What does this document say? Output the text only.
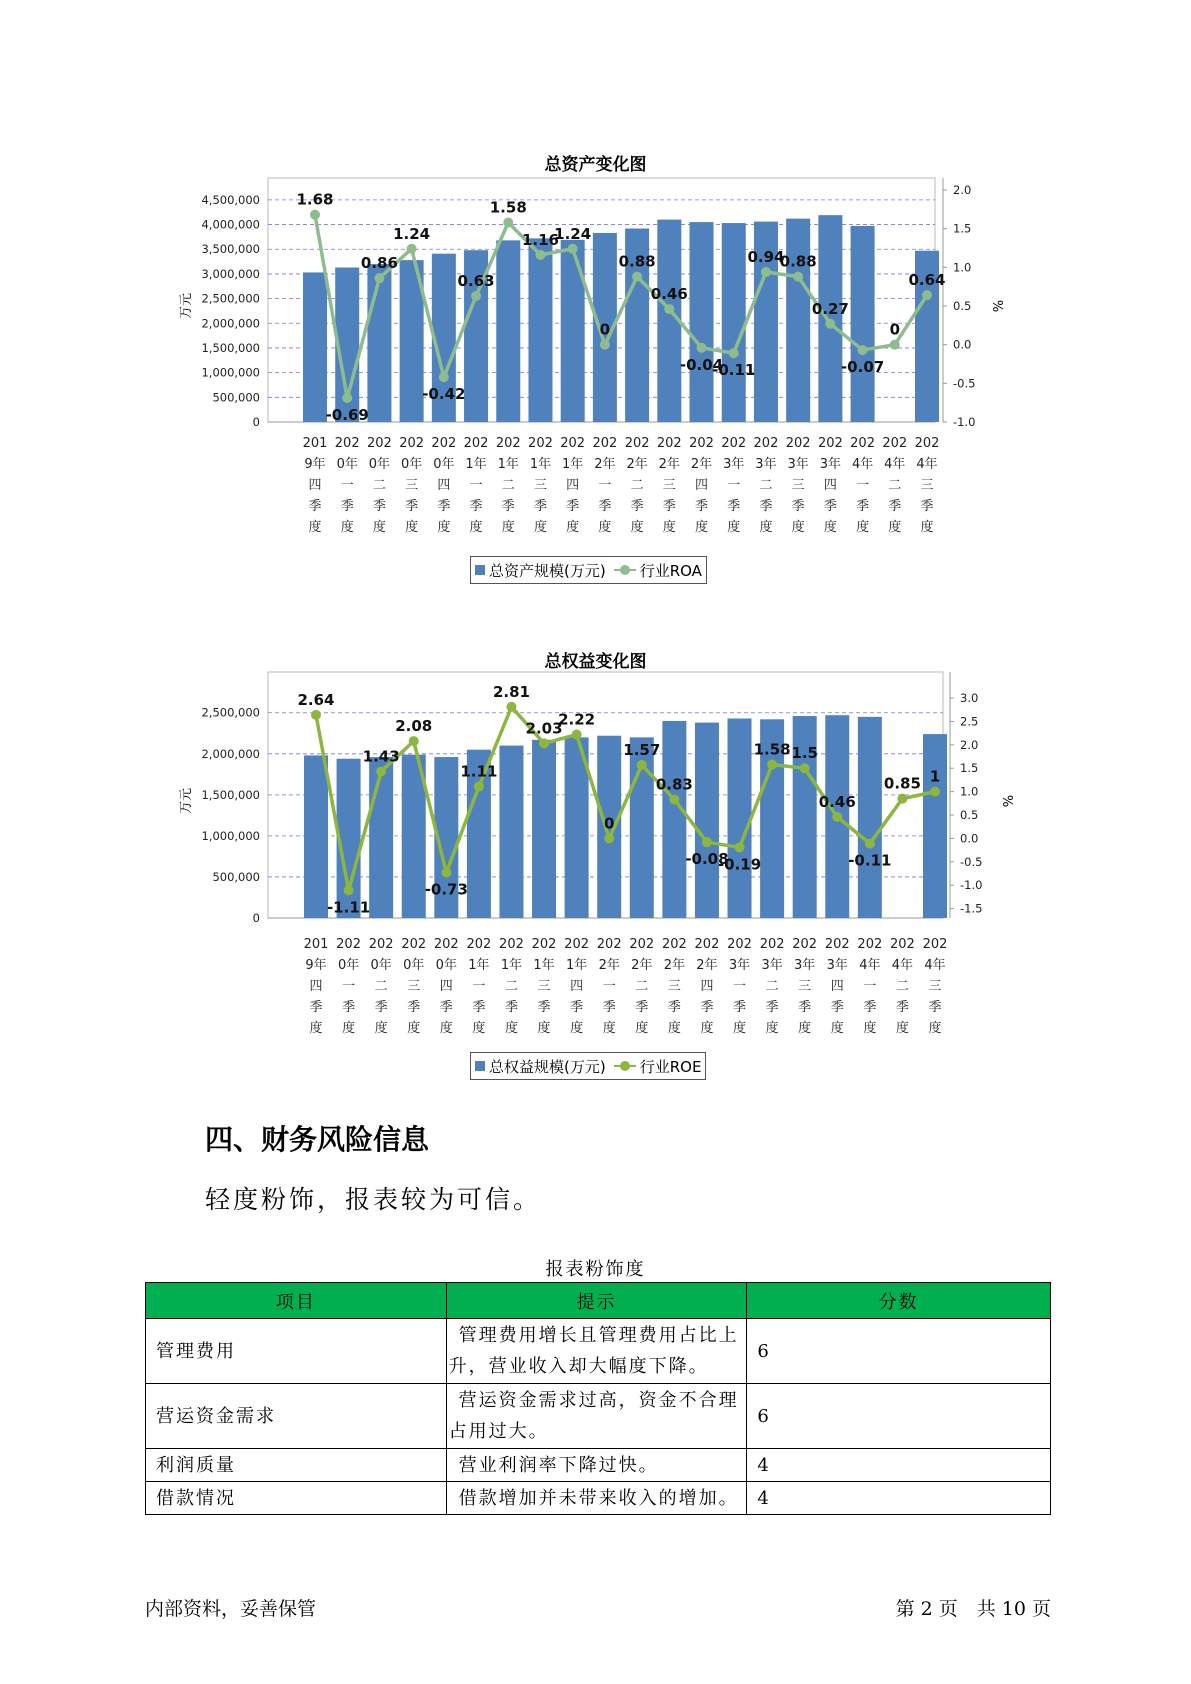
总资产变化图
0
500,000
1,000,000
1,500,000
2,000,000
2,500,000
3,000,000
3,500,000
4,000,000
4,500,000
-1.0
-0.5
0.0
0.5
1.0
1.5
2.0
万元	%
1.68
-0.69
0.86
1.24
-0.42
0.63
1.58
1.16
1.24
0
0.88
0.46
-0.04
-0.11
0.94
0.88
0.27
-0.07
0
0.64
201
9年
四
季
度
202
0年
一
季
度
202
0年
二
季
度
202
0年
三
季
度
202
0年
四
季
度
202
1年
一
季
度
202
1年
二
季
度
202
1年
三
季
度
202
1年
四
季
度
202
2年
一
季
度
202
2年
二
季
度
202
2年
三
季
度
202
2年
四
季
度
202
3年
一
季
度
202
3年
二
季
度
202
3年
三
季
度
202
3年
四
季
度
202
4年
一
季
度
202
4年
二
季
度
202
4年
三
季
度
总资产规模(万元) 行业ROA
总权益变化图
0
500,000
1,000,000
1,500,000
2,000,000
2,500,000
-1.5
-1.0
-0.5
0.0
0.5
1.0
1.5
2.0
2.5
3.0
万元	%
2.64
-1.11
1.43
2.08
-0.73
1.11
2.81
2.03
2.22
0
1.57
0.83
-0.08
-0.19
1.58 1.5
0.46
-0.11
0.85 1
201
9年
四
季
度
202
0年
一
季
度
202
0年
二
季
度
202
0年
三
季
度
202
0年
四
季
度
202
1年
一
季
度
202
1年
二
季
度
202
1年
三
季
度
202
1年
四
季
度
202
2年
一
季
度
202
2年
二
季
度
202
2年
三
季
度
202
2年
四
季
度
202
3年
一
季
度
202
3年
二
季
度
202
3年
三
季
度
202
3年
四
季
度
202
4年
一
季
度
202
4年
二
季
度
202
4年
三
季
度
总权益规模(万元) 行业ROE
四、财务风险信息
轻度粉饰，报表较为可信。
报表粉饰度
项目	提示	分数
管理费用	管理费用增长且管理费用占比上升，营业收入却大幅度下降。	6
营运资金需求	营运资金需求过高，资金不合理占用过大。	6
利润质量	营业利润率下降过快。	4
借款情况	借款增加并未带来收入的增加。	4
内部资料，妥善保管	第 2 页　共 10 页
